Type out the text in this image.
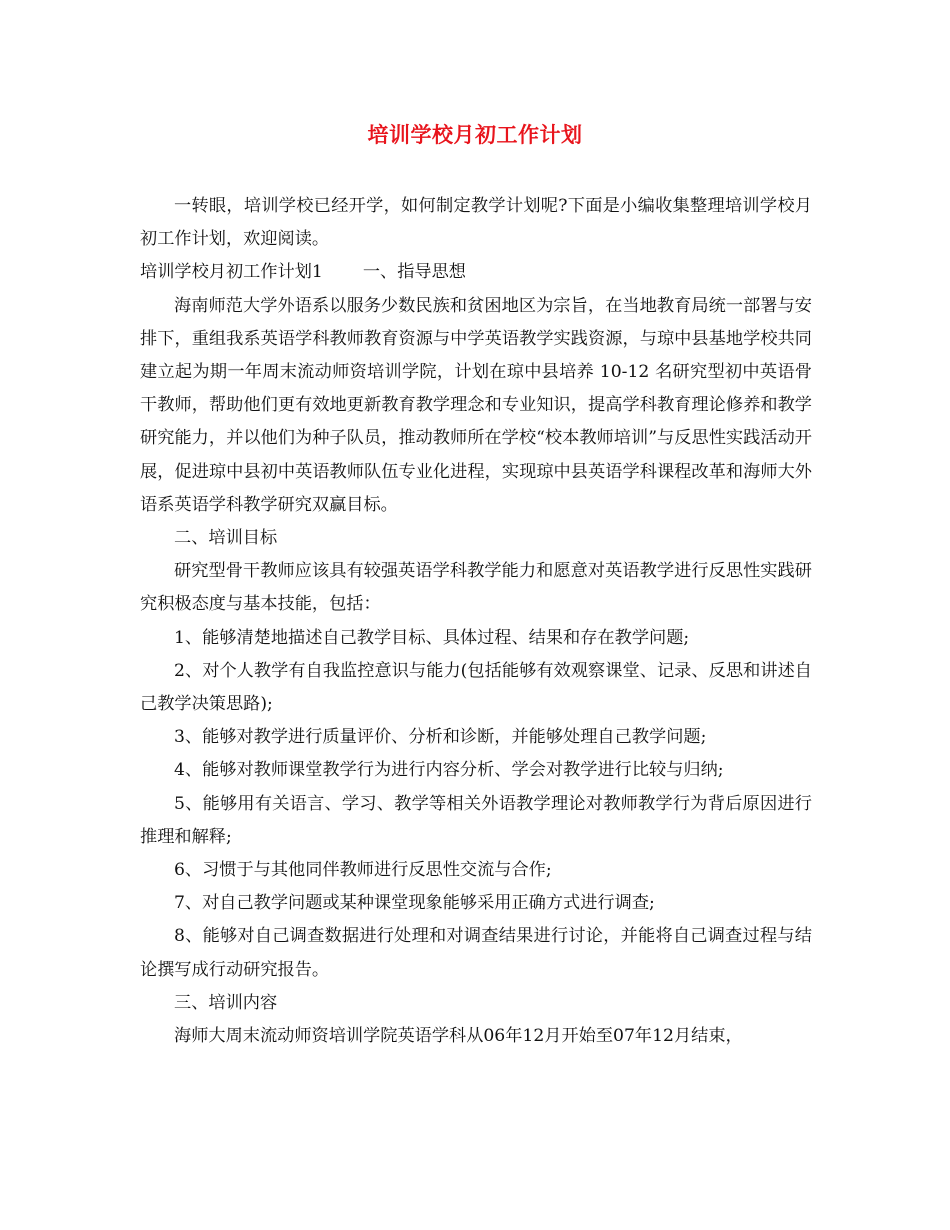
培训学校月初工作计划

一转眼，培训学校已经开学，如何制定教学计划呢?下面是小编收集整理培训学校月初工作计划，欢迎阅读。

培训学校月初工作计划1 一、指导思想

海南师范大学外语系以服务少数民族和贫困地区为宗旨，在当地教育局统一部署与安排下，重组我系英语学科教师教育资源与中学英语教学实践资源，与琼中县基地学校共同建立起为期一年周末流动师资培训学院，计划在琼中县培养 10-12 名研究型初中英语骨干教师，帮助他们更有效地更新教育教学理念和专业知识，提高学科教育理论修养和教学研究能力，并以他们为种子队员，推动教师所在学校“校本教师培训”与反思性实践活动开展，促进琼中县初中英语教师队伍专业化进程，实现琼中县英语学科课程改革和海师大外语系英语学科教学研究双赢目标。

二、培训目标

研究型骨干教师应该具有较强英语学科教学能力和愿意对英语教学进行反思性实践研究积极态度与基本技能，包括：

1、能够清楚地描述自己教学目标、具体过程、结果和存在教学问题;

2、对个人教学有自我监控意识与能力(包括能够有效观察课堂、记录、反思和讲述自己教学决策思路);

3、能够对教学进行质量评价、分析和诊断，并能够处理自己教学问题;

4、能够对教师课堂教学行为进行内容分析、学会对教学进行比较与归纳;

5、能够用有关语言、学习、教学等相关外语教学理论对教师教学行为背后原因进行推理和解释;

6、习惯于与其他同伴教师进行反思性交流与合作;

7、对自己教学问题或某种课堂现象能够采用正确方式进行调查;

8、能够对自己调查数据进行处理和对调查结果进行讨论，并能将自己调查过程与结论撰写成行动研究报告。

三、培训内容

海师大周末流动师资培训学院英语学科从06年12月开始至07年12月结束，
